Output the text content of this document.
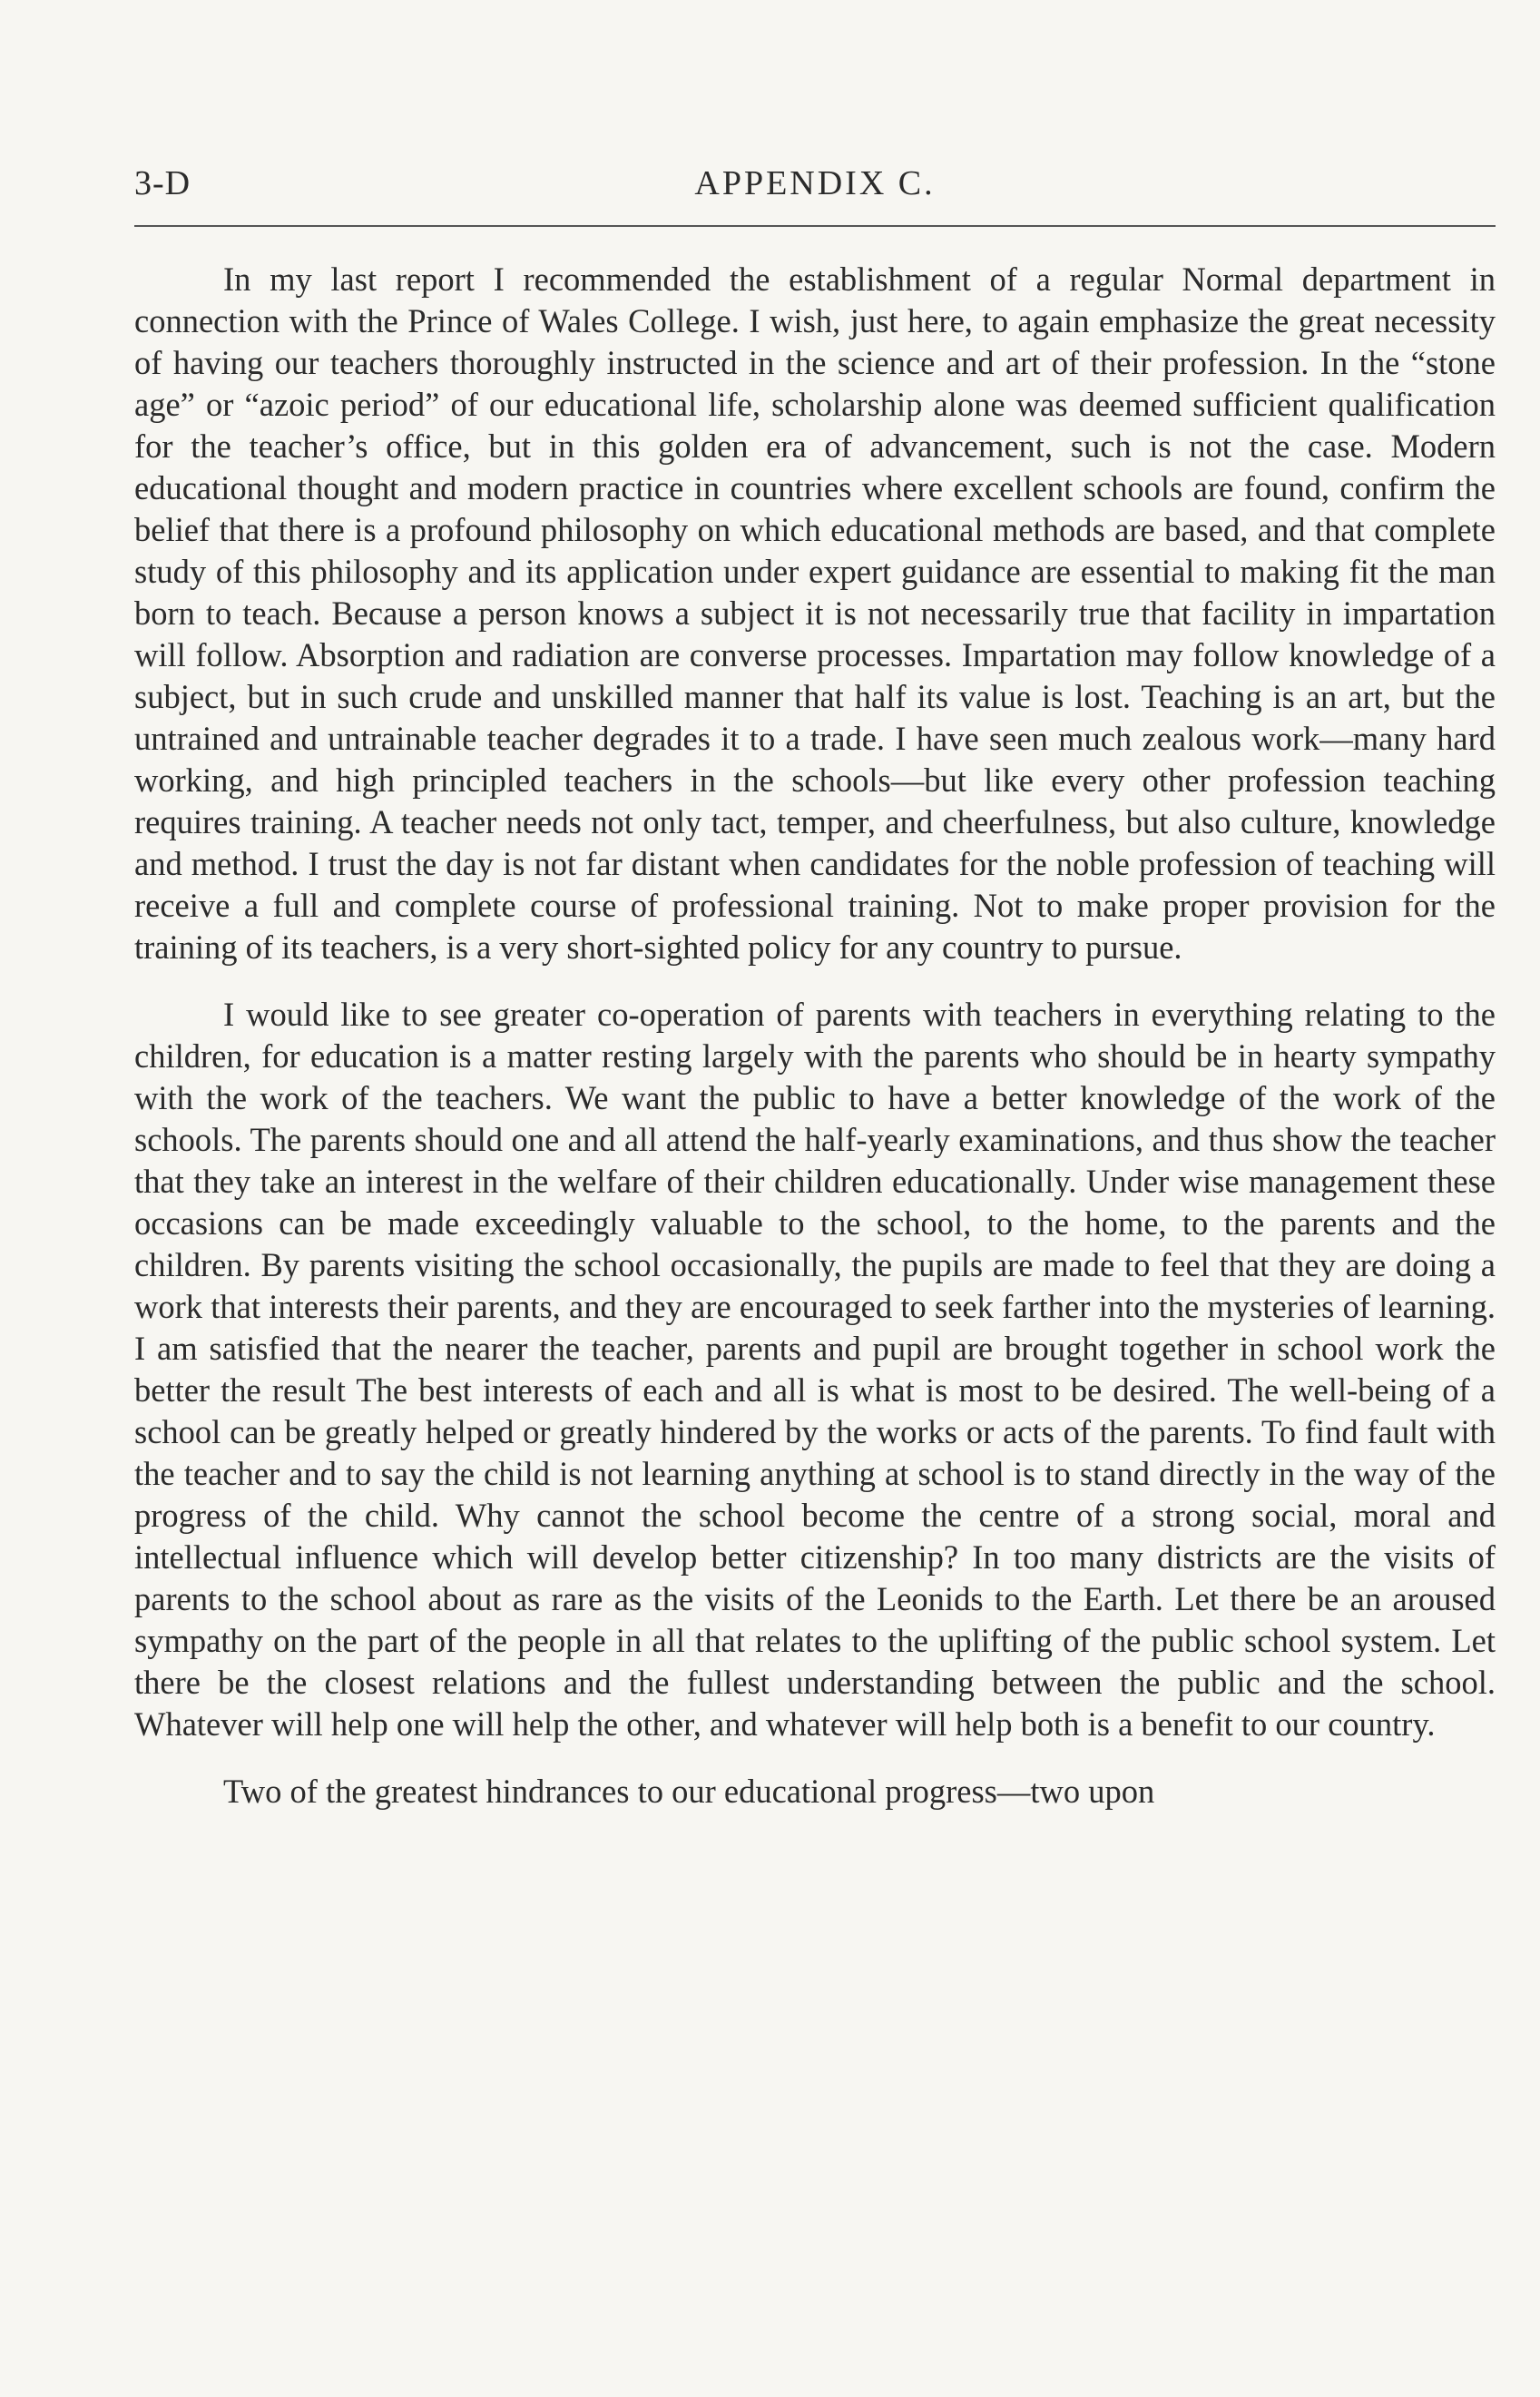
APPENDIX C.
3-D

In my last report I recommended the establishment of a regular Normal department in connection with the Prince of Wales College. I wish, just here, to again emphasize the great necessity of having our teachers thoroughly instructed in the science and art of their profession. In the “stone age” or “azoic period” of our educational life, scholarship alone was deemed sufficient qualification for the teacher’s office, but in this golden era of advancement, such is not the case. Modern educational thought and modern practice in countries where excellent schools are found, confirm the belief that there is a profound philosophy on which educational methods are based, and that complete study of this philosophy and its application under expert guidance are essential to making fit the man born to teach. Because a person knows a subject it is not necessarily true that facility in impartation will follow. Absorption and radiation are converse processes. Impartation may follow knowledge of a subject, but in such crude and unskilled manner that half its value is lost. Teaching is an art, but the untrained and untrainable teacher degrades it to a trade. I have seen much zealous work—many hard working, and high principled teachers in the schools—but like every other profession teaching requires training. A teacher needs not only tact, temper, and cheerfulness, but also culture, knowledge and method. I trust the day is not far distant when candidates for the noble profession of teaching will receive a full and complete course of professional training. Not to make proper provision for the training of its teachers, is a very short-sighted policy for any country to pursue.

I would like to see greater co-operation of parents with teachers in everything relating to the children, for education is a matter resting largely with the parents who should be in hearty sympathy with the work of the teachers. We want the public to have a better knowledge of the work of the schools. The parents should one and all attend the half-yearly examinations, and thus show the teacher that they take an interest in the welfare of their children educationally. Under wise management these occasions can be made exceedingly valuable to the school, to the home, to the parents and the children. By parents visiting the school occasionally, the pupils are made to feel that they are doing a work that interests their parents, and they are encouraged to seek farther into the mysteries of learning. I am satisfied that the nearer the teacher, parents and pupil are brought together in school work the better the result The best interests of each and all is what is most to be desired. The well-being of a school can be greatly helped or greatly hindered by the works or acts of the parents. To find fault with the teacher and to say the child is not learning anything at school is to stand directly in the way of the progress of the child. Why cannot the school become the centre of a strong social, moral and intellectual influence which will develop better citizenship? In too many districts are the visits of parents to the school about as rare as the visits of the Leonids to the Earth. Let there be an aroused sympathy on the part of the people in all that relates to the uplifting of the public school system. Let there be the closest relations and the fullest understanding between the public and the school. Whatever will help one will help the other, and whatever will help both is a benefit to our country.

Two of the greatest hindrances to our educational progress—two upon
